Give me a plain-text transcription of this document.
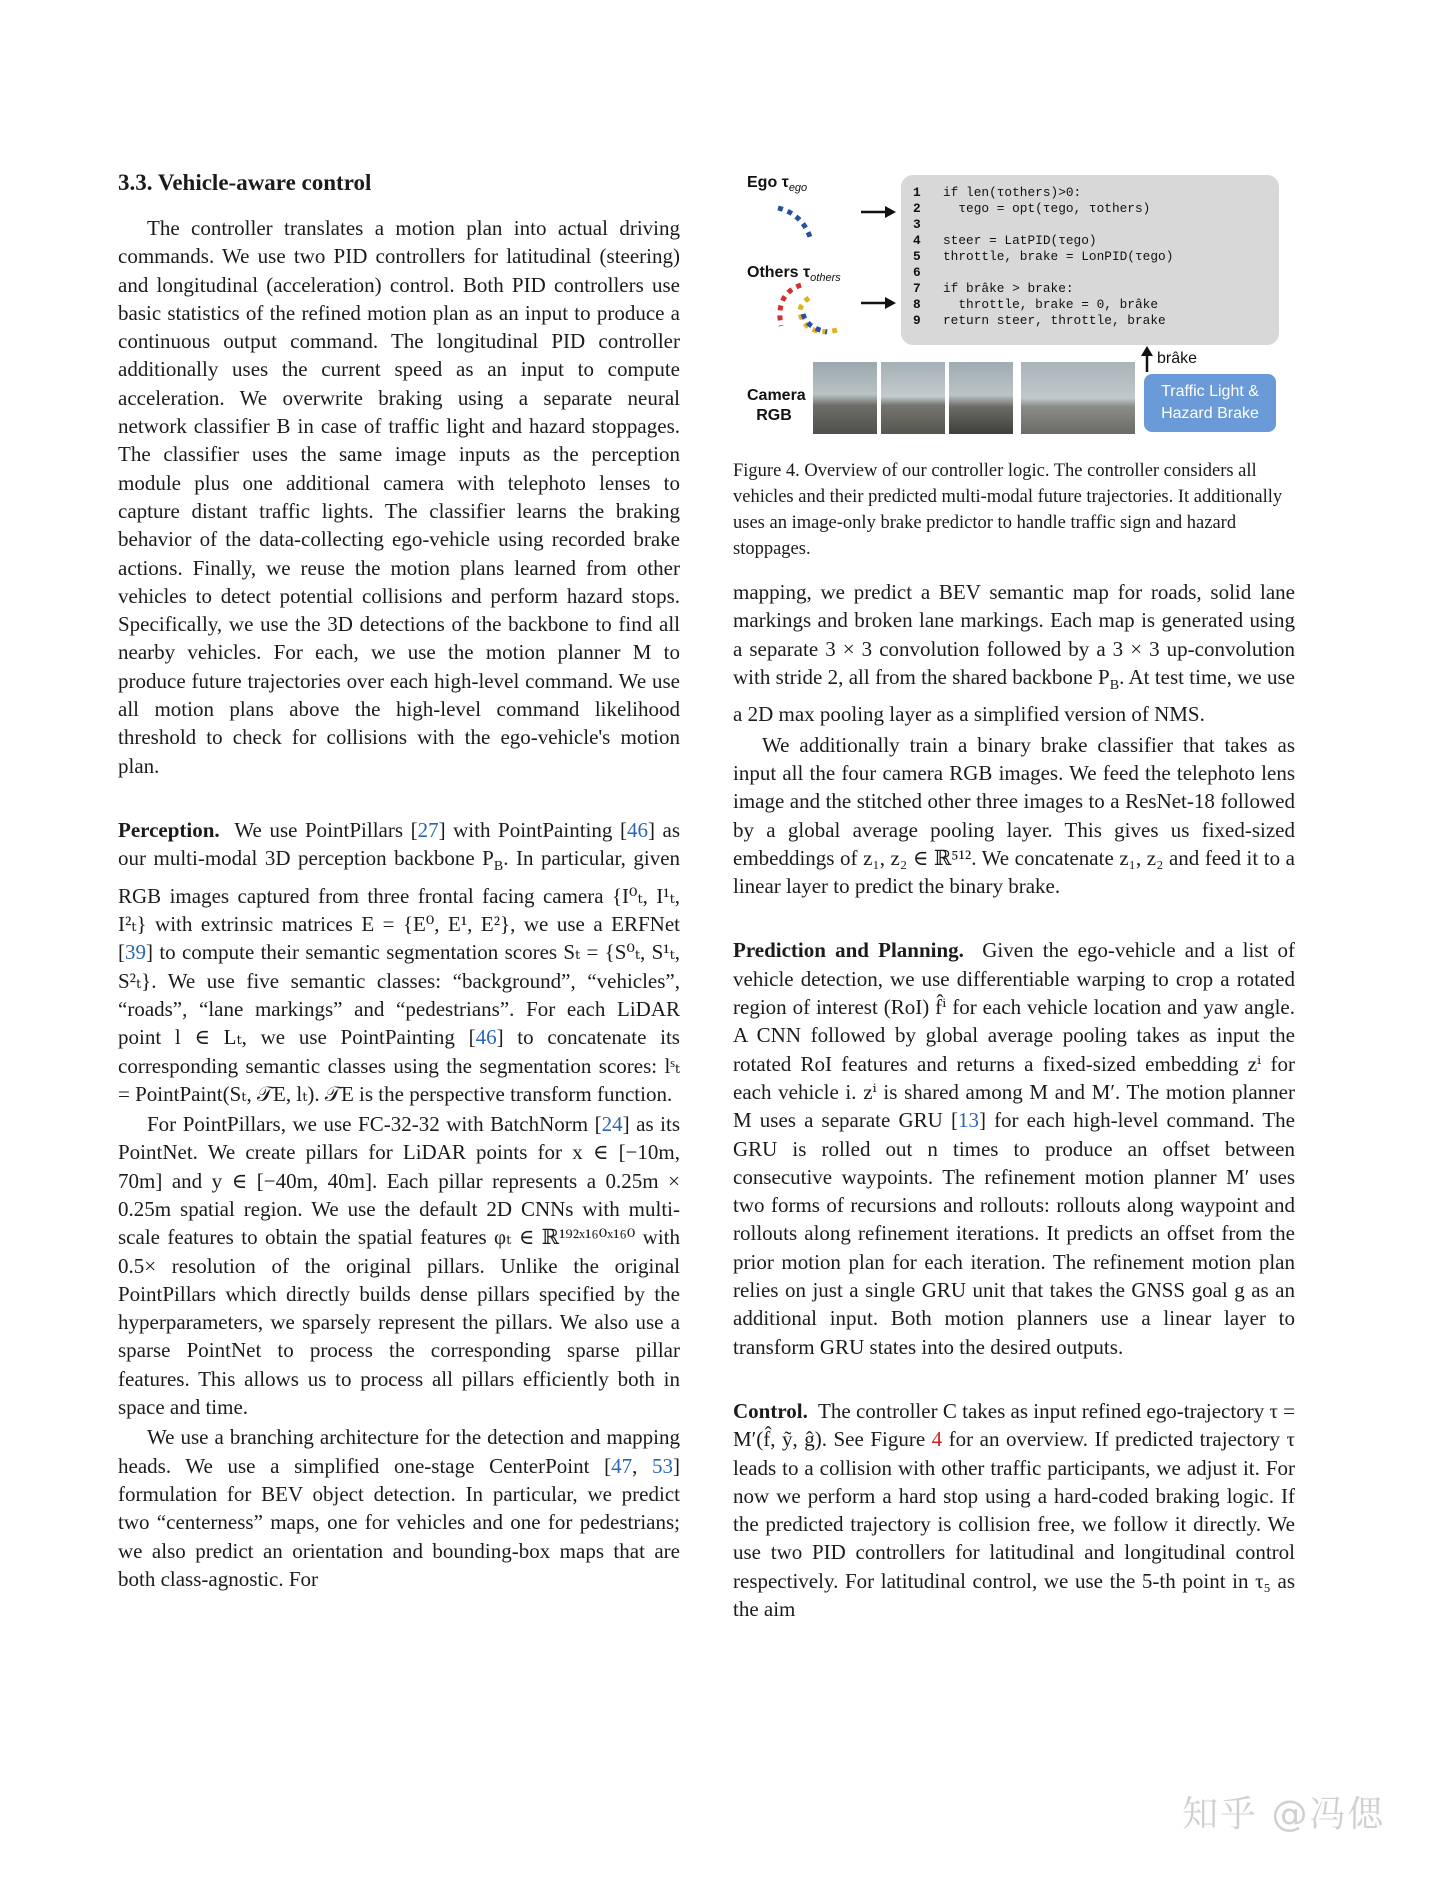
3.3. Vehicle-aware control

The controller translates a motion plan into actual driving commands. We use two PID controllers for latitudinal (steering) and longitudinal (acceleration) control. Both PID controllers use basic statistics of the refined motion plan as an input to produce a continuous output command. The longitudinal PID controller additionally uses the current speed as an input to compute acceleration. We overwrite braking using a separate neural network classifier B in case of traffic light and hazard stoppages. The classifier uses the same image inputs as the perception module plus one additional camera with telephoto lenses to capture distant traffic lights. The classifier learns the braking behavior of the data-collecting ego-vehicle using recorded brake actions. Finally, we reuse the motion plans learned from other vehicles to detect potential collisions and perform hazard stops. Specifically, we use the 3D detections of the backbone to find all nearby vehicles. For each, we use the motion planner M to produce future trajectories over each high-level command. We use all motion plans above the high-level command likelihood threshold to check for collisions with the ego-vehicle's motion plan.

Perception. We use PointPillars [27] with PointPainting [46] as our multi-modal 3D perception backbone $P_B$. In particular, given RGB images captured from three frontal facing camera {I⁰ₜ, I¹ₜ, I²ₜ} with extrinsic matrices E = {E⁰, E¹, E²}, we use a ERFNet [39] to compute their semantic segmentation scores Sₜ = {S⁰ₜ, S¹ₜ, S²ₜ}. We use five semantic classes: “background”, “vehicles”, “roads”, “lane markings” and “pedestrians”. For each LiDAR point l ∈ Lₜ, we use PointPainting [46] to concatenate its corresponding semantic classes using the segmentation scores: lˢₜ = PointPaint(Sₜ, 𝒯E, lₜ). 𝒯E is the perspective transform function.

For PointPillars, we use FC-32-32 with BatchNorm [24] as its PointNet. We create pillars for LiDAR points for x ∈ [−10m, 70m] and y ∈ [−40m, 40m]. Each pillar represents a 0.25m × 0.25m spatial region. We use the default 2D CNNs with multi-scale features to obtain the spatial features φₜ ∈ ℝ¹⁹²ˣ¹⁶⁰ˣ¹⁶⁰ with 0.5× resolution of the original pillars. Unlike the original PointPillars which directly builds dense pillars specified by the hyperparameters, we sparsely represent the pillars. We also use a sparse PointNet to process the corresponding sparse pillar features. This allows us to process all pillars efficiently both in space and time.

We use a branching architecture for the detection and mapping heads. We use a simplified one-stage CenterPoint [47, 53] formulation for BEV object detection. In particular, we predict two “centerness” maps, one for vehicles and one for pedestrians; we also predict an orientation and bounding-box maps that are both class-agnostic. For

Ego $\tau_{ego}$
Others $\tau_{others}$
Camera
RGB
1 if len(τothers)>0:
2  τego = opt(τego, τothers)
3
4 steer = LatPID(τego)
5 throttle, brake = LonPID(τego)
6
7 if brâke > brake:
8  throttle, brake = 0, brâke
9 return steer, throttle, brake
brâke
Traffic Light &
Hazard Brake
Figure 4. Overview of our controller logic. The controller considers all vehicles and their predicted multi-modal future trajectories. It additionally uses an image-only brake predictor to handle traffic sign and hazard stoppages.

mapping, we predict a BEV semantic map for roads, solid lane markings and broken lane markings. Each map is generated using a separate 3 × 3 convolution followed by a 3 × 3 up-convolution with stride 2, all from the shared backbone $P_B$. At test time, we use a 2D max pooling layer as a simplified version of NMS.

We additionally train a binary brake classifier that takes as input all the four camera RGB images. We feed the telephoto lens image and the stitched other three images to a ResNet-18 followed by a global average pooling layer. This gives us fixed-sized embeddings of z₁, z₂ ∈ ℝ⁵¹². We concatenate z₁, z₂ and feed it to a linear layer to predict the binary brake.

Prediction and Planning. Given the ego-vehicle and a list of vehicle detection, we use differentiable warping to crop a rotated region of interest (RoI) f̂ⁱ for each vehicle location and yaw angle. A CNN followed by global average pooling takes as input the rotated RoI features and returns a fixed-sized embedding zⁱ for each vehicle i. zⁱ is shared among M and M′. The motion planner M uses a separate GRU [13] for each high-level command. The GRU is rolled out n times to produce an offset between consecutive waypoints. The refinement motion planner M′ uses two forms of recursions and rollouts: rollouts along waypoint and rollouts along refinement iterations. It predicts an offset from the prior motion plan for each iteration. The refinement motion plan relies on just a single GRU unit that takes the GNSS goal g as an additional input. Both motion planners use a linear layer to transform GRU states into the desired outputs.

Control. The controller C takes as input refined ego-trajectory τ = M′(f̂, ỹ, ĝ). See Figure 4 for an overview. If predicted trajectory τ leads to a collision with other traffic participants, we adjust it. For now we perform a hard stop using a hard-coded braking logic. If the predicted trajectory is collision free, we follow it directly. We use two PID controllers for latitudinal and longitudinal control respectively. For latitudinal control, we use the 5-th point in τ₅ as the aim

知乎 @冯偲
